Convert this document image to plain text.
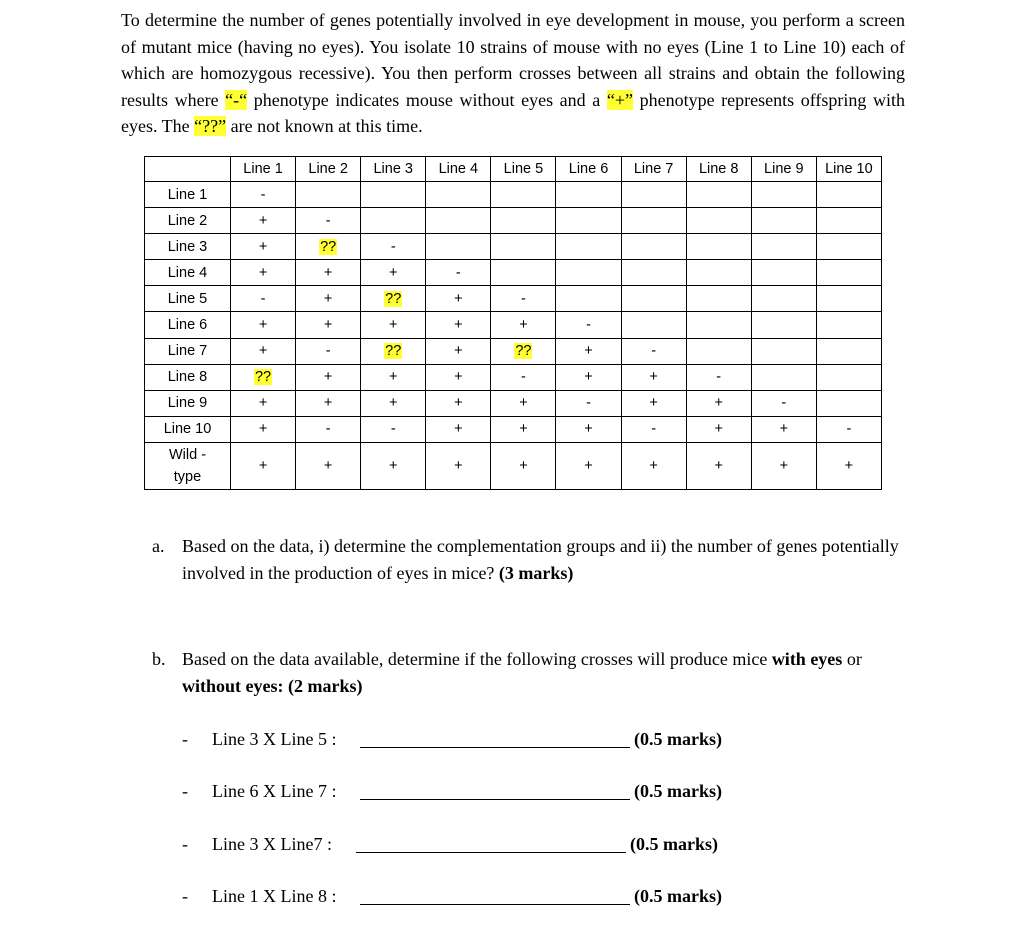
To determine the number of genes potentially involved in eye development in mouse, you perform a screen of mutant mice (having no eyes). You isolate 10 strains of mouse with no eyes (Line 1 to Line 10) each of which are homozygous recessive). You then perform crosses between all strains and obtain the following results where “-“ phenotype indicates mouse without eyes and a “+” phenotype represents offspring with eyes. The “??” are not known at this time.

	Line 1	Line 2	Line 3	Line 4	Line 5	Line 6	Line 7	Line 8	Line 9	Line 10
Line 1	-									
Line 2	+	-								
Line 3	+	??	-							
Line 4	+	+	+	-						
Line 5	-	+	??	+	-					
Line 6	+	+	+	+	+	-				
Line 7	+	-	??	+	??	+	-			
Line 8	??	+	+	+	-	+	+	-		
Line 9	+	+	+	+	+	-	+	+	-	
Line 10	+	-	-	+	+	+	-	+	+	-

Wild -
type	+	+	+	+	+	+	+	+	+	+
a. Based on the data, i) determine the complementation groups and ii) the number of genes potentially involved in the production of eyes in mice? (3 marks)
b. Based on the data available, determine if the following crosses will produce mice with eyes or without eyes: (2 marks)
- Line 3 X Line 5 :	(0.5 marks)
- Line 6 X Line 7 :	(0.5 marks)
- Line 3 X Line7 :	(0.5 marks)
- Line 1 X Line 8 :	(0.5 marks)
